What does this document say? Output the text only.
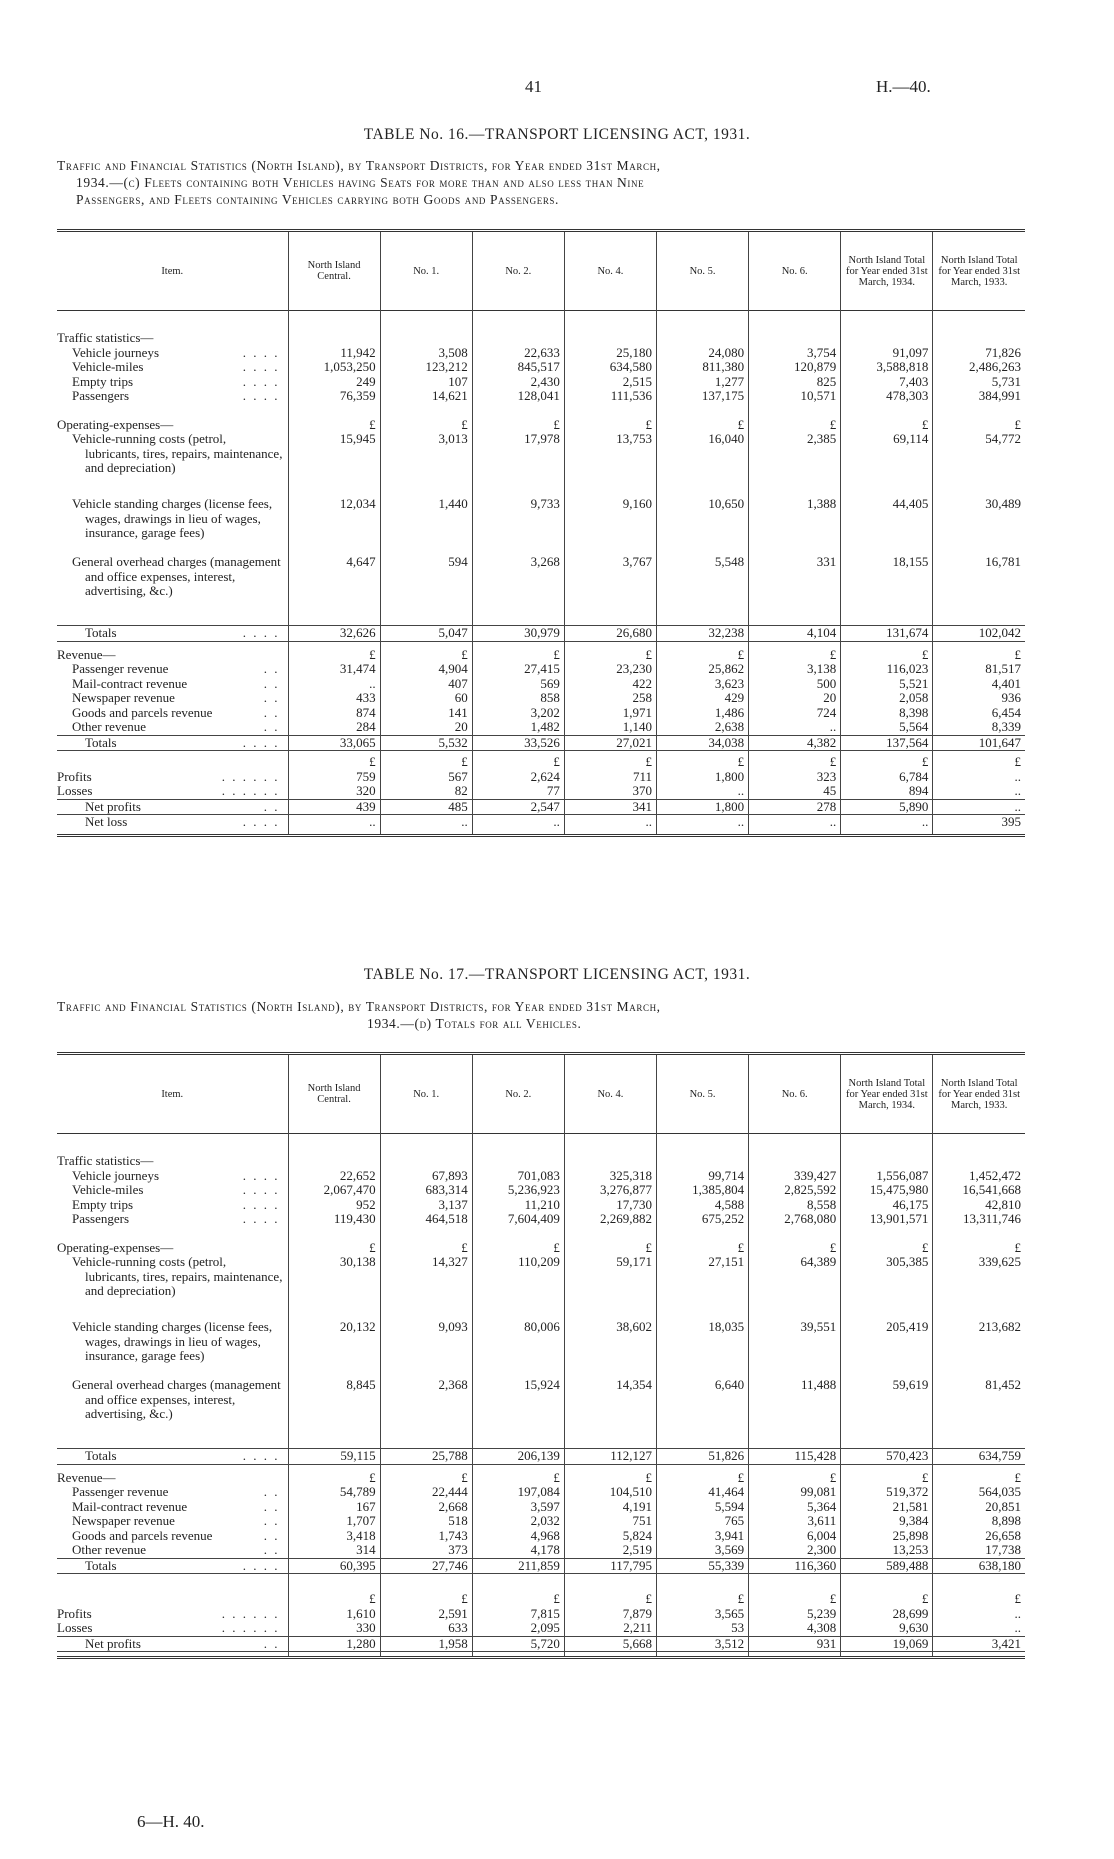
41	H.—40.
TABLE No. 16.—TRANSPORT LICENSING ACT, 1931.
Traffic and Financial Statistics (North Island), by Transport Districts, for Year ended 31st March,
1934.—(c) Fleets containing both Vehicles having Seats for more than and also less than Nine
Passengers, and Fleets containing Vehicles carrying both Goods and Passengers.
Item.	North Island Central.	No. 1.	No. 2.	No. 4.	No. 5.	No. 6.	North Island Total for Year ended 31st March, 1934.	North Island Total for Year ended 31st March, 1933.

Traffic statistics—								
Vehicle journeys . . . .	11,942	3,508	22,633	25,180	24,080	3,754	91,097	71,826
Vehicle-miles . . . .	1,053,250	123,212	845,517	634,580	811,380	120,879	3,588,818	2,486,263
Empty trips . . . .	249	107	2,430	2,515	1,277	825	7,403	5,731
Passengers . . . .	76,359	14,621	128,041	111,536	137,175	10,571	478,303	384,991

Operating-expenses—	£	£	£	£	£	£	£	£

Vehicle-running costs (petrol, lubricants, tires, repairs, maintenance, and depreciation)	15,945	3,013	17,978	13,753	16,040	2,385	69,114	54,772

Vehicle standing charges (license fees, wages, drawings in lieu of wages, insurance, garage fees)	12,034	1,440	9,733	9,160	10,650	1,388	44,405	30,489

General overhead charges (management and office expenses, interest, advertising, &c.)	4,647	594	3,268	3,767	5,548	331	18,155	16,781
Totals . . . .	32,626	5,047	30,979	26,680	32,238	4,104	131,674	102,042

Revenue—	£	£	£	£	£	£	£	£
Passenger revenue . .	31,474	4,904	27,415	23,230	25,862	3,138	116,023	81,517
Mail-contract revenue . .	..	407	569	422	3,623	500	5,521	4,401
Newspaper revenue . .	433	60	858	258	429	20	2,058	936
Goods and parcels revenue . .	874	141	3,202	1,971	1,486	724	8,398	6,454
Other revenue . .	284	20	1,482	1,140	2,638	..	5,564	8,339
Totals . . . .	33,065	5,532	33,526	27,021	34,038	4,382	137,564	101,647

	£	£	£	£	£	£	£	£
Profits . . . . . .	759	567	2,624	711	1,800	323	6,784	..
Losses . . . . . .	320	82	77	370	..	45	894	..
Net profits . .	439	485	2,547	341	1,800	278	5,890	..
Net loss . . . .	..	..	..	..	..	..	..	395

TABLE No. 17.—TRANSPORT LICENSING ACT, 1931.
Traffic and Financial Statistics (North Island), by Transport Districts, for Year ended 31st March,
1934.—(d) Totals for all Vehicles.
Item.	North Island Central.	No. 1.	No. 2.	No. 4.	No. 5.	No. 6.	North Island Total for Year ended 31st March, 1934.	North Island Total for Year ended 31st March, 1933.

Traffic statistics—								
Vehicle journeys . . . .	22,652	67,893	701,083	325,318	99,714	339,427	1,556,087	1,452,472
Vehicle-miles . . . .	2,067,470	683,314	5,236,923	3,276,877	1,385,804	2,825,592	15,475,980	16,541,668
Empty trips . . . .	952	3,137	11,210	17,730	4,588	8,558	46,175	42,810
Passengers . . . .	119,430	464,518	7,604,409	2,269,882	675,252	2,768,080	13,901,571	13,311,746

Operating-expenses—	£	£	£	£	£	£	£	£

Vehicle-running costs (petrol, lubricants, tires, repairs, maintenance, and depreciation)	30,138	14,327	110,209	59,171	27,151	64,389	305,385	339,625

Vehicle standing charges (license fees, wages, drawings in lieu of wages, insurance, garage fees)	20,132	9,093	80,006	38,602	18,035	39,551	205,419	213,682

General overhead charges (management and office expenses, interest, advertising, &c.)	8,845	2,368	15,924	14,354	6,640	11,488	59,619	81,452
Totals . . . .	59,115	25,788	206,139	112,127	51,826	115,428	570,423	634,759

Revenue—	£	£	£	£	£	£	£	£
Passenger revenue . .	54,789	22,444	197,084	104,510	41,464	99,081	519,372	564,035
Mail-contract revenue . .	167	2,668	3,597	4,191	5,594	5,364	21,581	20,851
Newspaper revenue . .	1,707	518	2,032	751	765	3,611	9,384	8,898
Goods and parcels revenue . .	3,418	1,743	4,968	5,824	3,941	6,004	25,898	26,658
Other revenue . .	314	373	4,178	2,519	3,569	2,300	13,253	17,738
Totals . . . .	60,395	27,746	211,859	117,795	55,339	116,360	589,488	638,180

	£	£	£	£	£	£	£	£
Profits . . . . . .	1,610	2,591	7,815	7,879	3,565	5,239	28,699	..
Losses . . . . . .	330	633	2,095	2,211	53	4,308	9,630	..
Net profits . .	1,280	1,958	5,720	5,668	3,512	931	19,069	3,421

6—H. 40.
